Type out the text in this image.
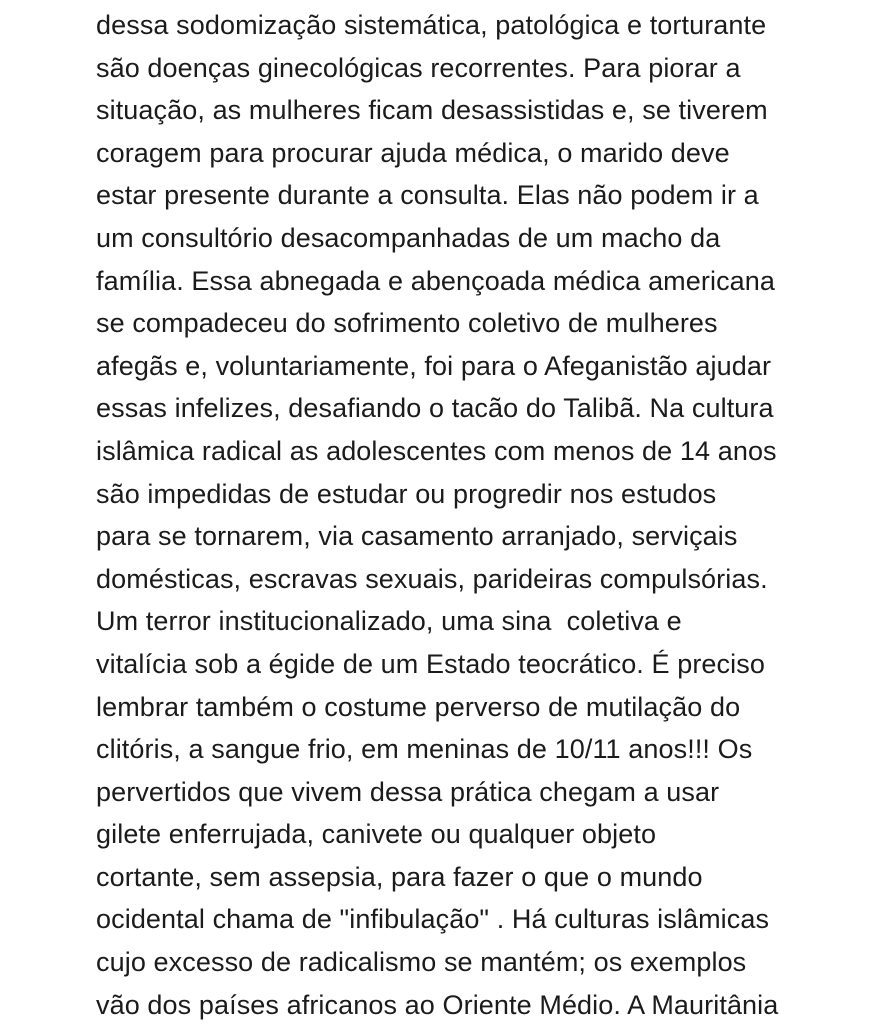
dessa sodomização sistemática, patológica e torturante
são doenças ginecológicas recorrentes. Para piorar a
situação, as mulheres ficam desassistidas e, se tiverem
coragem para procurar ajuda médica, o marido deve
estar presente durante a consulta. Elas não podem ir a
um consultório desacompanhadas de um macho da
família. Essa abnegada e abençoada médica americana
se compadeceu do sofrimento coletivo de mulheres
afegãs e, voluntariamente, foi para o Afeganistão ajudar
essas infelizes, desafiando o tacão do Talibã. Na cultura
islâmica radical as adolescentes com menos de 14 anos
são impedidas de estudar ou progredir nos estudos
para se tornarem, via casamento arranjado, serviçais
domésticas, escravas sexuais, parideiras compulsórias.
Um terror institucionalizado, uma sina  coletiva e
vitalícia sob a égide de um Estado teocrático. É preciso
lembrar também o costume perverso de mutilação do
clitóris, a sangue frio, em meninas de 10/11 anos!!! Os
pervertidos que vivem dessa prática chegam a usar
gilete enferrujada, canivete ou qualquer objeto
cortante, sem assepsia, para fazer o que o mundo
ocidental chama de "infibulação" . Há culturas islâmicas
cujo excesso de radicalismo se mantém; os exemplos
vão dos países africanos ao Oriente Médio. A Mauritânia
